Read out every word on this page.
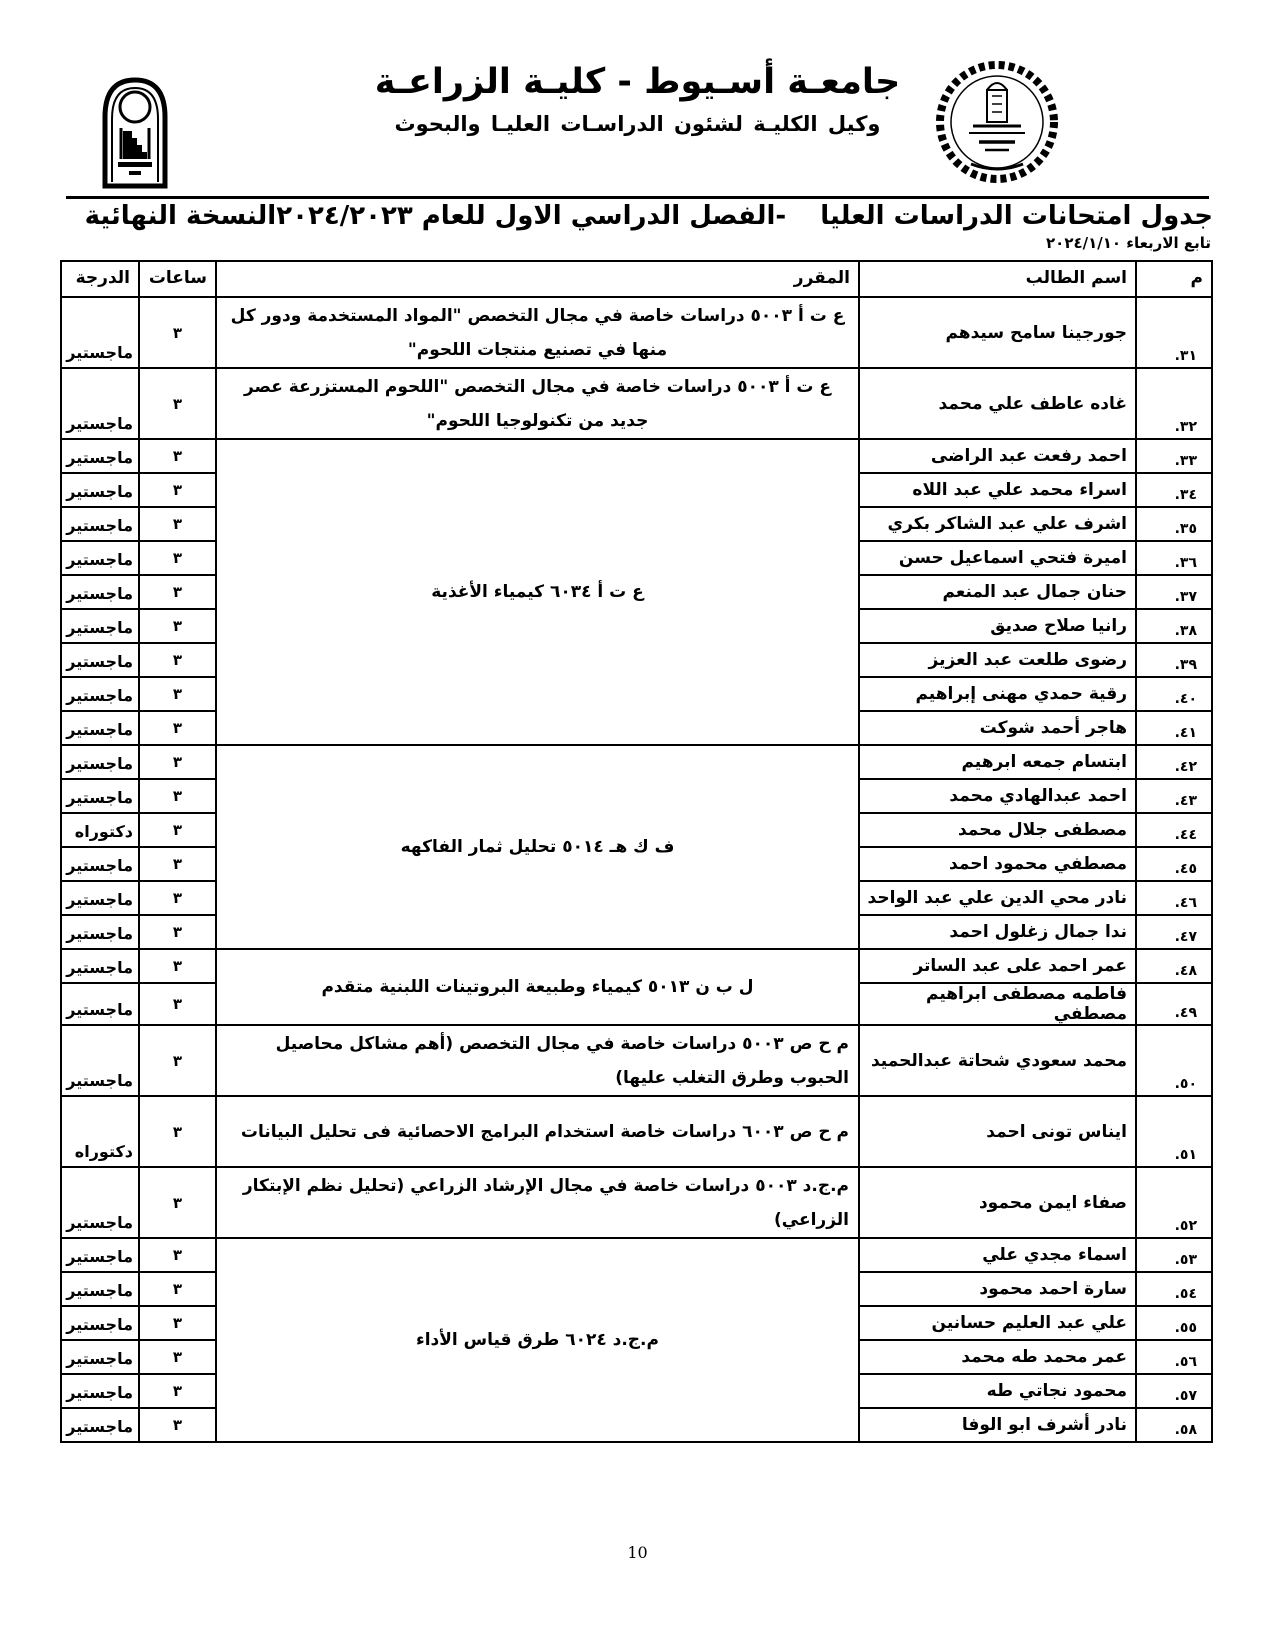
جامعـة أسـيوط - كليـة الزراعـة
وكيل الكليـة لشئون الدراسـات العليـا والبحوث
جدول امتحانات الدراسات العليا-الفصل الدراسي الاول للعام ٢٠٢٤/٢٠٢٣
النسخة النهائية
تابع الاربعاء ٢٠٢٤/١/١٠
م	اسم الطالب	المقرر	ساعات	الدرجة
٣١.	جورجينا سامح سيدهم	ع ت أ ٥٠٠٣ دراسات خاصة في مجال التخصص "المواد المستخدمة ودور كل منها في تصنيع منتجات اللحوم"	٣	ماجستير
٣٢.	غاده عاطف علي محمد	ع ت أ ٥٠٠٣ دراسات خاصة في مجال التخصص "اللحوم المستزرعة عصر جديد من تكنولوجيا اللحوم"	٣	ماجستير
٣٣.	احمد رفعت عبد الراضى	ع ت أ ٦٠٣٤ كيمياء الأغذية	٣	ماجستير
٣٤.	اسراء محمد علي عبد اللاه		٣	ماجستير
٣٥.	اشرف علي عبد الشاكر بكري		٣	ماجستير
٣٦.	اميرة فتحي اسماعيل حسن		٣	ماجستير
٣٧.	حنان جمال عبد المنعم		٣	ماجستير
٣٨.	رانيا صلاح صديق		٣	ماجستير
٣٩.	رضوى طلعت عبد العزيز		٣	ماجستير
٤٠.	رقية حمدي مهنى إبراهيم		٣	ماجستير
٤١.	هاجر أحمد شوكت		٣	ماجستير
٤٢.	ابتسام جمعه ابرهيم	ف ك هـ ٥٠١٤ تحليل ثمار الفاكهه	٣	ماجستير
٤٣.	احمد عبدالهادي محمد		٣	ماجستير
٤٤.	مصطفى جلال محمد		٣	دكتوراه
٤٥.	مصطفي محمود احمد		٣	ماجستير
٤٦.	نادر محي الدين علي عبد الواحد		٣	ماجستير
٤٧.	ندا جمال زغلول احمد		٣	ماجستير
٤٨.	عمر احمد على عبد الساتر	ل ب ن ٥٠١٣ كيمياء وطبيعة البروتينات اللبنية متقدم	٣	ماجستير
٤٩.	فاطمه مصطفى ابراهيم مصطفي		٣	ماجستير
٥٠.	محمد سعودي شحاتة عبدالحميد	م ح ص ٥٠٠٣ دراسات خاصة في مجال التخصص (أهم مشاكل محاصيل الحبوب وطرق التغلب عليها)	٣	ماجستير
٥١.	ايناس تونى احمد	م ح ص ٦٠٠٣ دراسات خاصة استخدام البرامج الاحصائية فى تحليل البيانات	٣	دكتوراه
٥٢.	صفاء ايمن محمود	م.ج.د ٥٠٠٣ دراسات خاصة في مجال الإرشاد الزراعي (تحليل نظم الإبتكار الزراعي)	٣	ماجستير
٥٣.	اسماء مجدي علي	م.ج.د ٦٠٢٤ طرق قياس الأداء	٣	ماجستير
٥٤.	سارة احمد محمود		٣	ماجستير
٥٥.	علي عبد العليم حسانين		٣	ماجستير
٥٦.	عمر محمد طه محمد		٣	ماجستير
٥٧.	محمود نجاتي طه		٣	ماجستير
٥٨.	نادر أشرف ابو الوفا		٣	ماجستير
10
